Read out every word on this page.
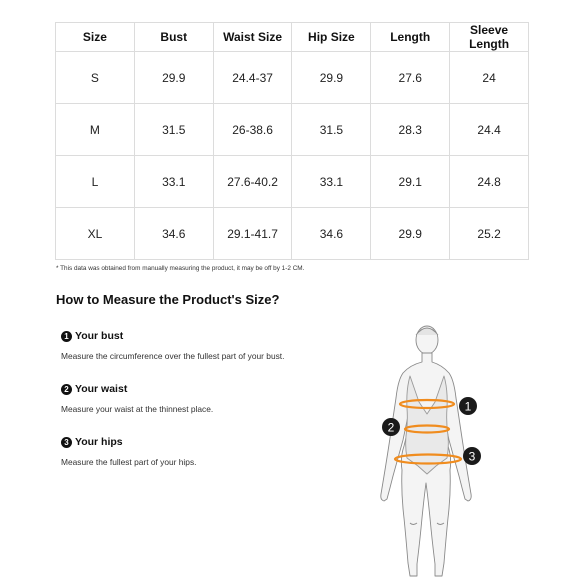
Size	Bust	Waist Size	Hip Size	Length	Sleeve Length
S	29.9	24.4-37	29.9	27.6	24
M	31.5	26-38.6	31.5	28.3	24.4
L	33.1	27.6-40.2	33.1	29.1	24.8
XL	34.6	29.1-41.7	34.6	29.9	25.2
* This data was obtained from manually measuring the product, it may be off by 1-2 CM.
How to Measure the Product's Size?
1 Your bust
Measure the circumference over the fullest part of your bust.
2 Your waist
Measure your waist at the thinnest place.
3 Your hips
Measure the fullest part of your hips.
1
2
3
